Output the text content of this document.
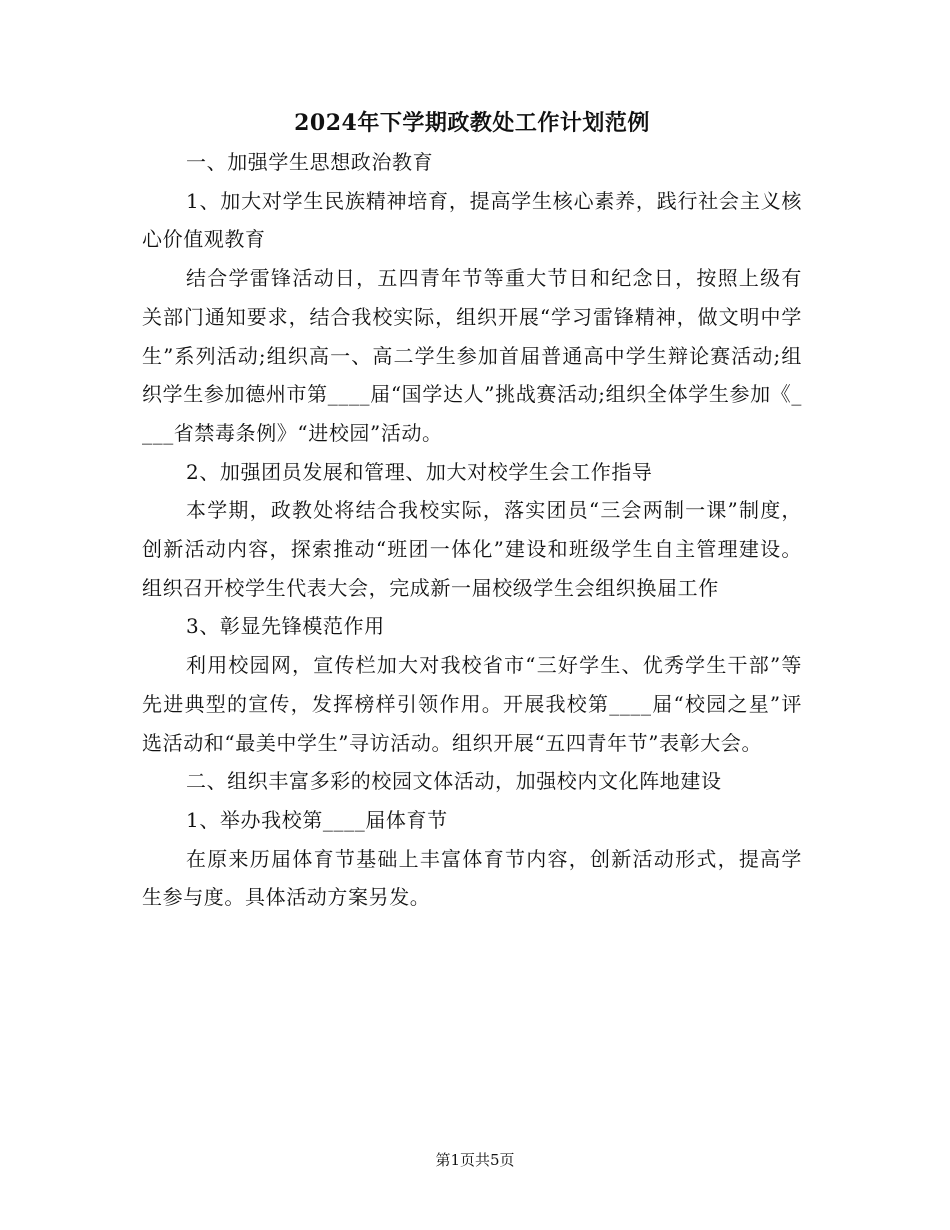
2024年下学期政教处工作计划范例

一、加强学生思想政治教育

1、加大对学生民族精神培育，提高学生核心素养，践行社会主义核心价值观教育

结合学雷锋活动日，五四青年节等重大节日和纪念日，按照上级有关部门通知要求，结合我校实际，组织开展“学习雷锋精神，做文明中学生”系列活动;组织高一、高二学生参加首届普通高中学生辩论赛活动;组织学生参加德州市第____届“国学达人”挑战赛活动;组织全体学生参加《____省禁毒条例》“进校园”活动。

2、加强团员发展和管理、加大对校学生会工作指导

本学期，政教处将结合我校实际，落实团员“三会两制一课”制度，创新活动内容，探索推动“班团一体化”建设和班级学生自主管理建设。组织召开校学生代表大会，完成新一届校级学生会组织换届工作

3、彰显先锋模范作用

利用校园网，宣传栏加大对我校省市“三好学生、优秀学生干部”等先进典型的宣传，发挥榜样引领作用。开展我校第____届“校园之星”评选活动和“最美中学生”寻访活动。组织开展“五四青年节”表彰大会。

二、组织丰富多彩的校园文体活动，加强校内文化阵地建设

1、举办我校第____届体育节

在原来历届体育节基础上丰富体育节内容，创新活动形式，提高学生参与度。具体活动方案另发。

第1页共5页
